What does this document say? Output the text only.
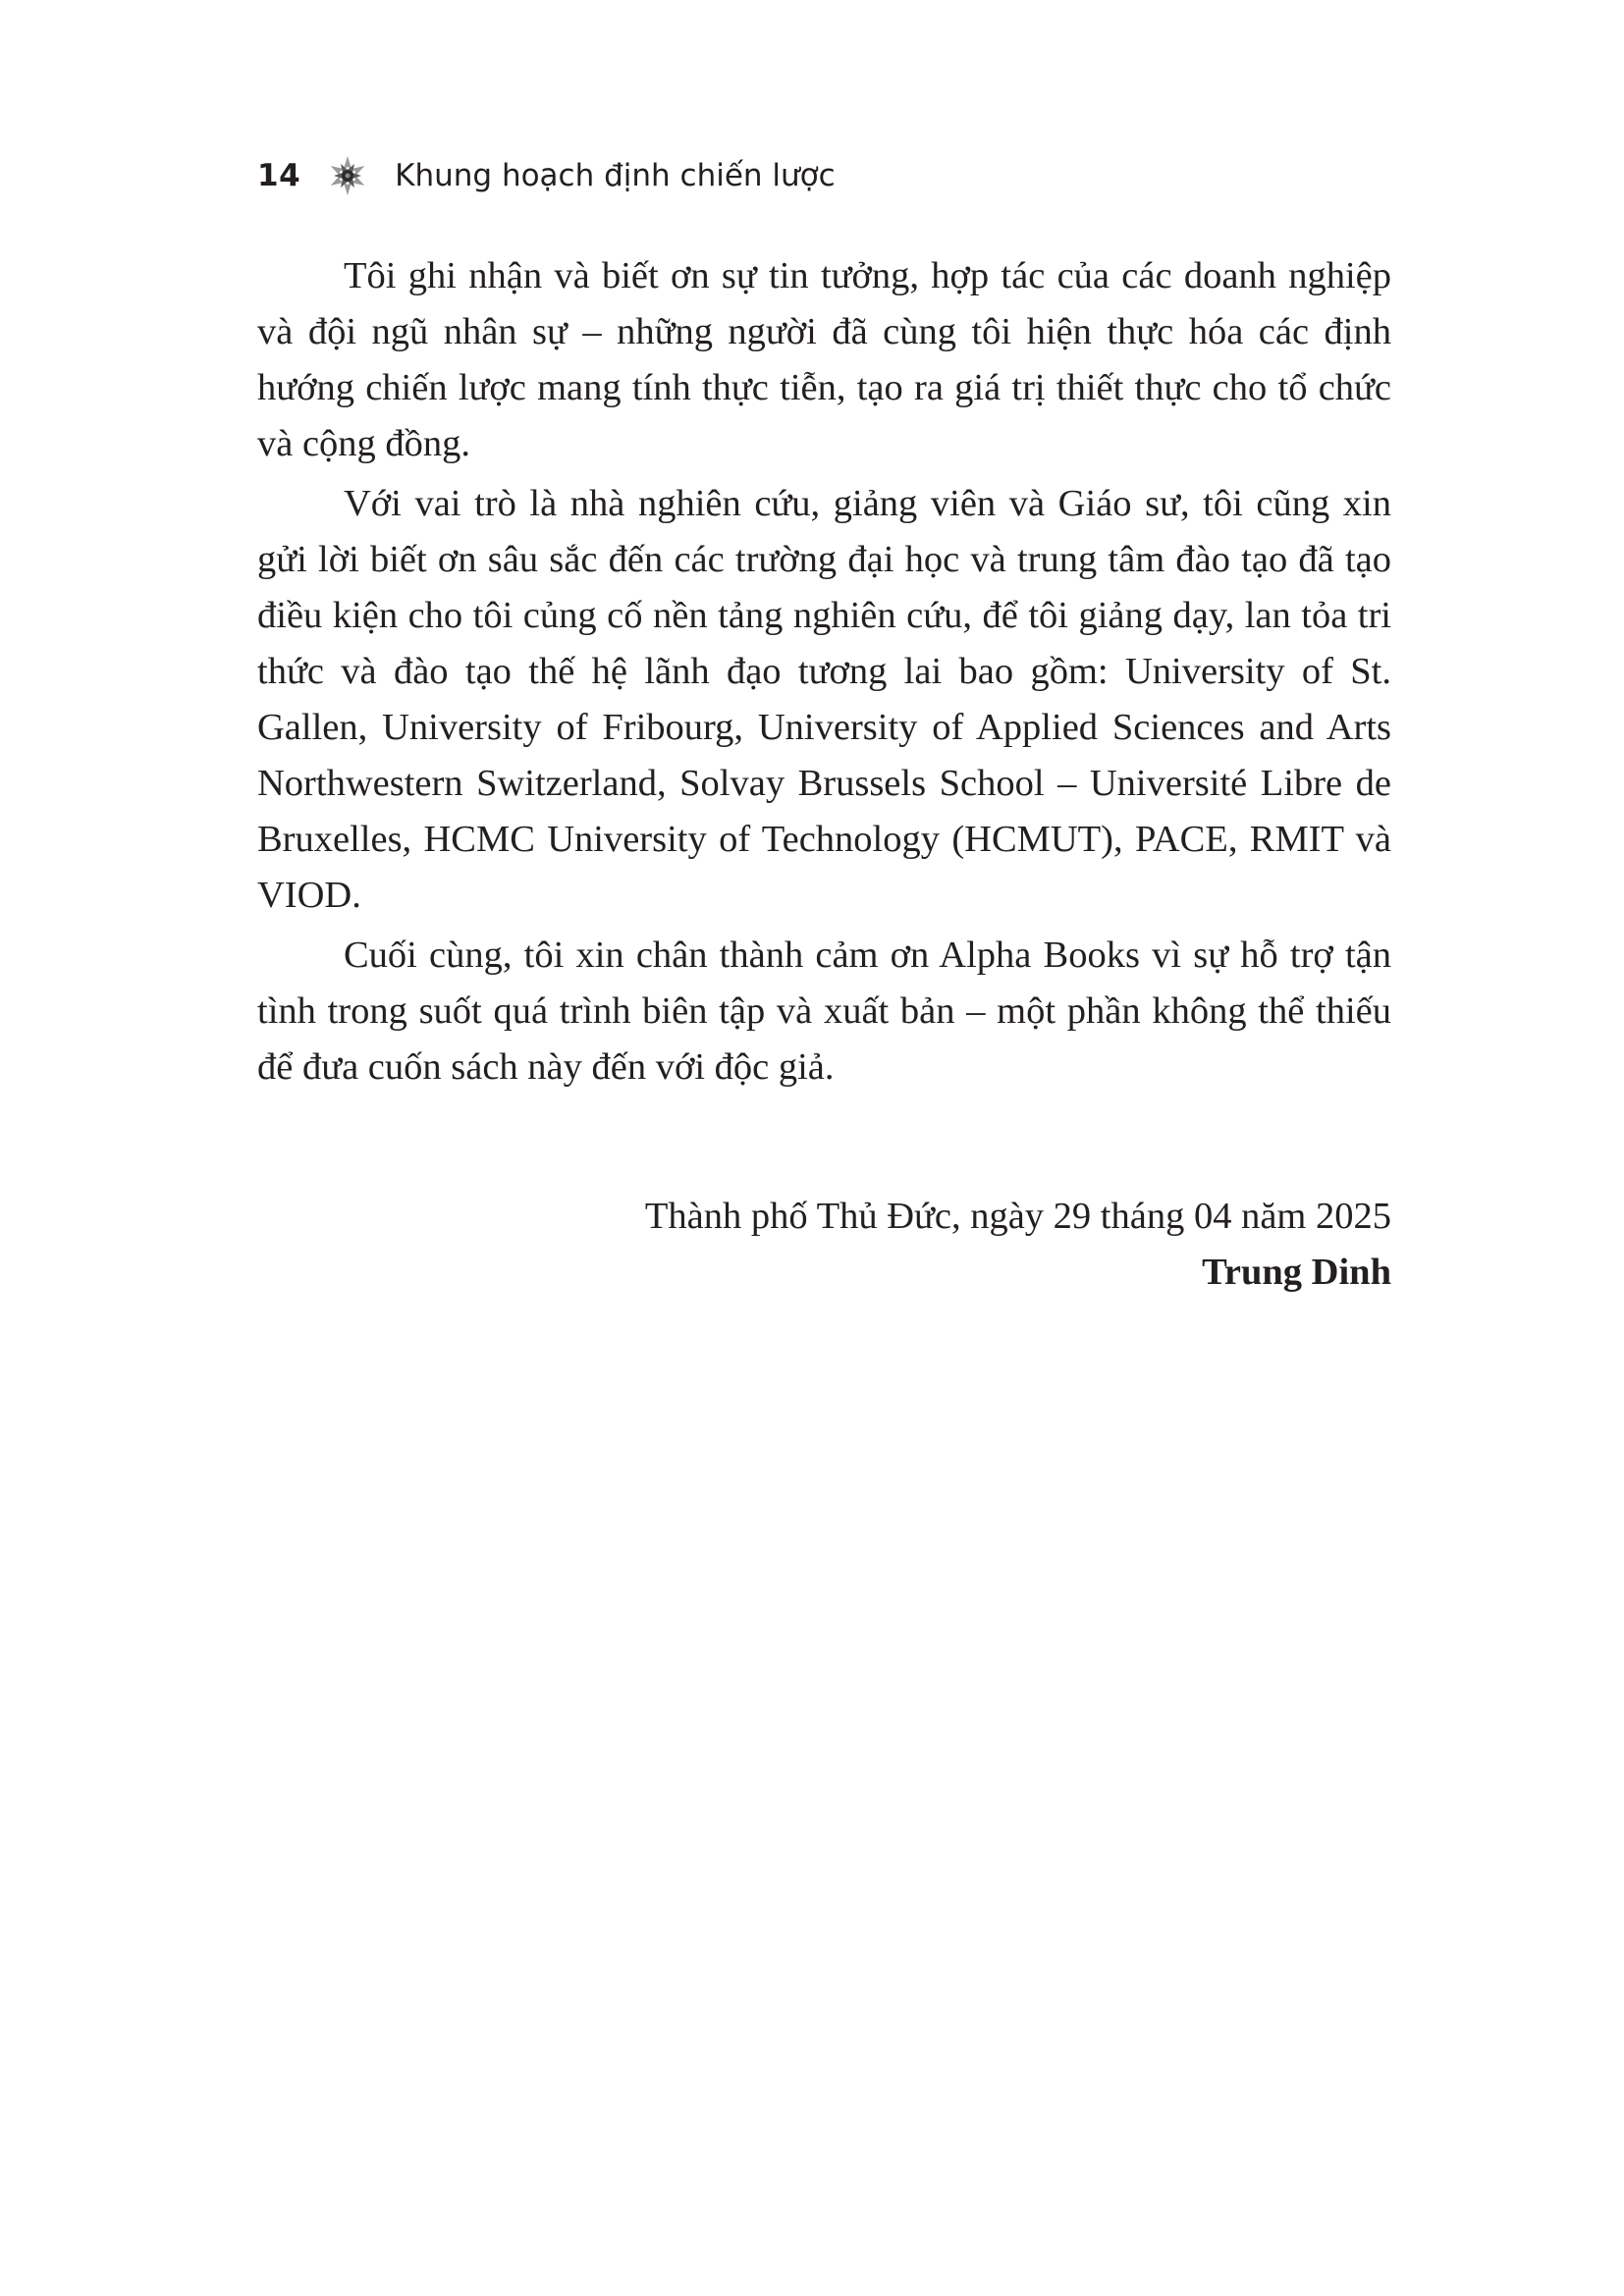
14	Khung hoạch định chiến lược

Tôi ghi nhận và biết ơn sự tin tưởng, hợp tác của các doanh nghiệp và đội ngũ nhân sự – những người đã cùng tôi hiện thực hóa các định hướng chiến lược mang tính thực tiễn, tạo ra giá trị thiết thực cho tổ chức và cộng đồng.

Với vai trò là nhà nghiên cứu, giảng viên và Giáo sư, tôi cũng xin gửi lời biết ơn sâu sắc đến các trường đại học và trung tâm đào tạo đã tạo điều kiện cho tôi củng cố nền tảng nghiên cứu, để tôi giảng dạy, lan tỏa tri thức và đào tạo thế hệ lãnh đạo tương lai bao gồm: University of St. Gallen, University of Fribourg, University of Applied Sciences and Arts Northwestern Switzerland, Solvay Brussels School – Université Libre de Bruxelles, HCMC University of Technology (HCMUT), PACE, RMIT và VIOD.

Cuối cùng, tôi xin chân thành cảm ơn Alpha Books vì sự hỗ trợ tận tình trong suốt quá trình biên tập và xuất bản – một phần không thể thiếu để đưa cuốn sách này đến với độc giả.

Thành phố Thủ Đức, ngày 29 tháng 04 năm 2025
Trung Dinh
